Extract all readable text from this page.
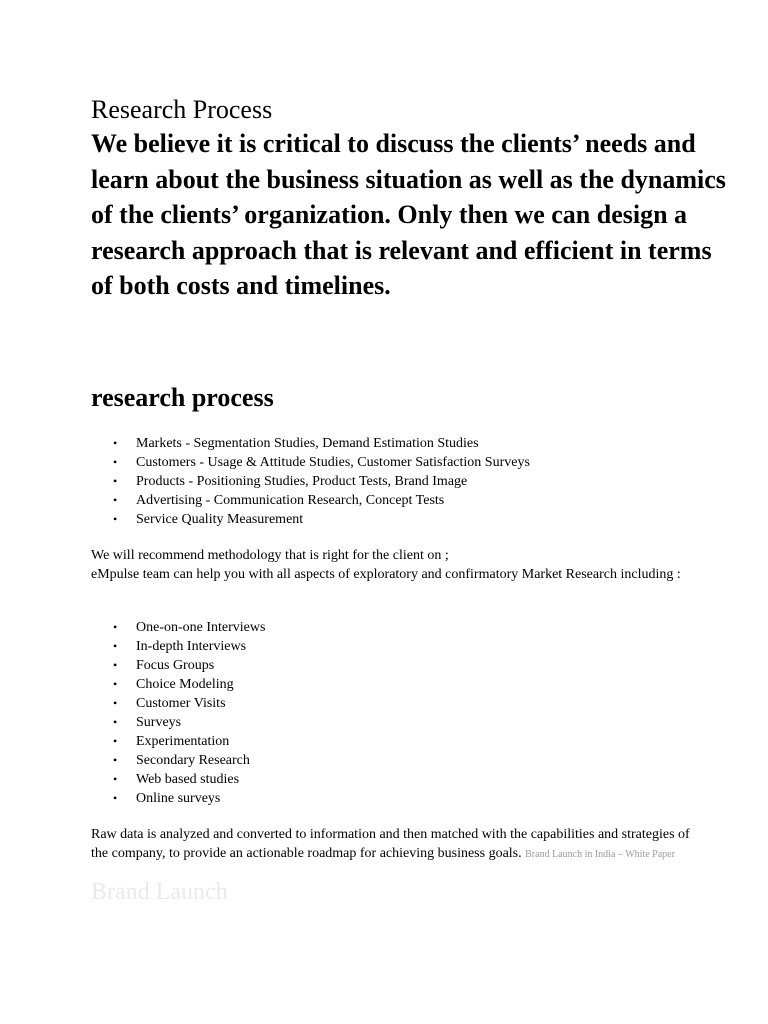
Research Process

We believe it is critical to discuss the clients’ needs and learn about the business situation as well as the dynamics of the clients’ organization. Only then we can design a research approach that is relevant and efficient in terms of both costs and timelines.

research process
• Markets - Segmentation Studies, Demand Estimation Studies
• Customers - Usage & Attitude Studies, Customer Satisfaction Surveys
• Products - Positioning Studies, Product Tests, Brand Image
• Advertising - Communication Research, Concept Tests
• Service Quality Measurement
We will recommend methodology that is right for the client on ;
eMpulse team can help you with all aspects of exploratory and confirmatory Market Research including :
• One-on-one Interviews
• In-depth Interviews
• Focus Groups
• Choice Modeling
• Customer Visits
• Surveys
• Experimentation
• Secondary Research
• Web based studies
• Online surveys

Raw data is analyzed and converted to information and then matched with the capabilities and strategies of the company, to provide an actionable roadmap for achieving business goals. Brand Launch in India – White Paper

Brand Launch
